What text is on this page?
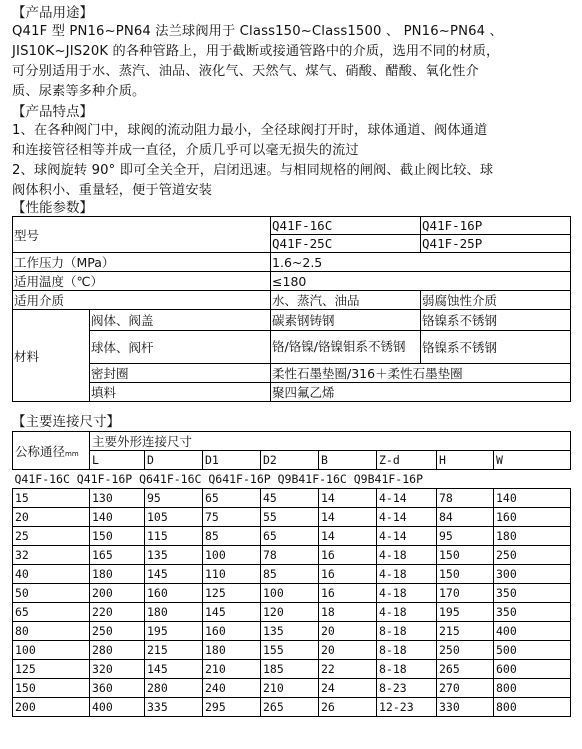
【产品用途】
Q41F 型 PN16~PN64 法兰球阀用于 Class150~Class1500 、 PN16~PN64 、
JIS10K~JIS20K 的各种管路上，用于截断或接通管路中的介质，选用不同的材质，
可分别适用于水、蒸汽、油品、液化气、天然气、煤气、硝酸、醋酸、氧化性介
质、尿素等多种介质。
【产品特点】
1、在各种阀门中，球阀的流动阻力最小，全径球阀打开时，球体通道、阀体通道
和连接管径相等并成一直径，介质几乎可以毫无损失的流过
2、球阀旋转 90° 即可全关全开，启闭迅速。与相同规格的闸阀、截止阀比较、球
阀体积小、重量轻，便于管道安装
【性能参数】
型号		Q41F-16C	Q41F-16P
		Q41F-25C	Q41F-25P
工作压力（MPa）		1.6~2.5	
适用温度（℃）		≤180	
适用介质		水、蒸汽、油品	弱腐蚀性介质
材料	阀体、阀盖	碳素钢铸钢	铬镍系不锈钢
	球体、阀杆	铬/铬镍/铬镍钼系不锈钢	铬镍系不锈钢
	密封圈	柔性石墨垫圈/316＋柔性石墨垫圈	
	填料	聚四氟乙烯	
【主要连接尺寸】
公称通径mm	主要外形连接尺寸							
	L	D	D1	D2	B	Z-d	H	W
Q41F-16C Q41F-16P Q641F-16C Q641F-16P Q9B41F-16C Q9B41F-16P								
15	130	95	65	45	14	4-14	78	140
20	140	105	75	55	14	4-14	84	160
25	150	115	85	65	14	4-14	95	180
32	165	135	100	78	16	4-18	150	250
40	180	145	110	85	16	4-18	150	300
50	200	160	125	100	16	4-18	170	350
65	220	180	145	120	18	4-18	195	350
80	250	195	160	135	20	8-18	215	400
100	280	215	180	155	20	8-18	250	500
125	320	145	210	185	22	8-18	265	600
150	360	280	240	210	24	8-23	270	800
200	400	335	295	265	26	12-23	330	800
